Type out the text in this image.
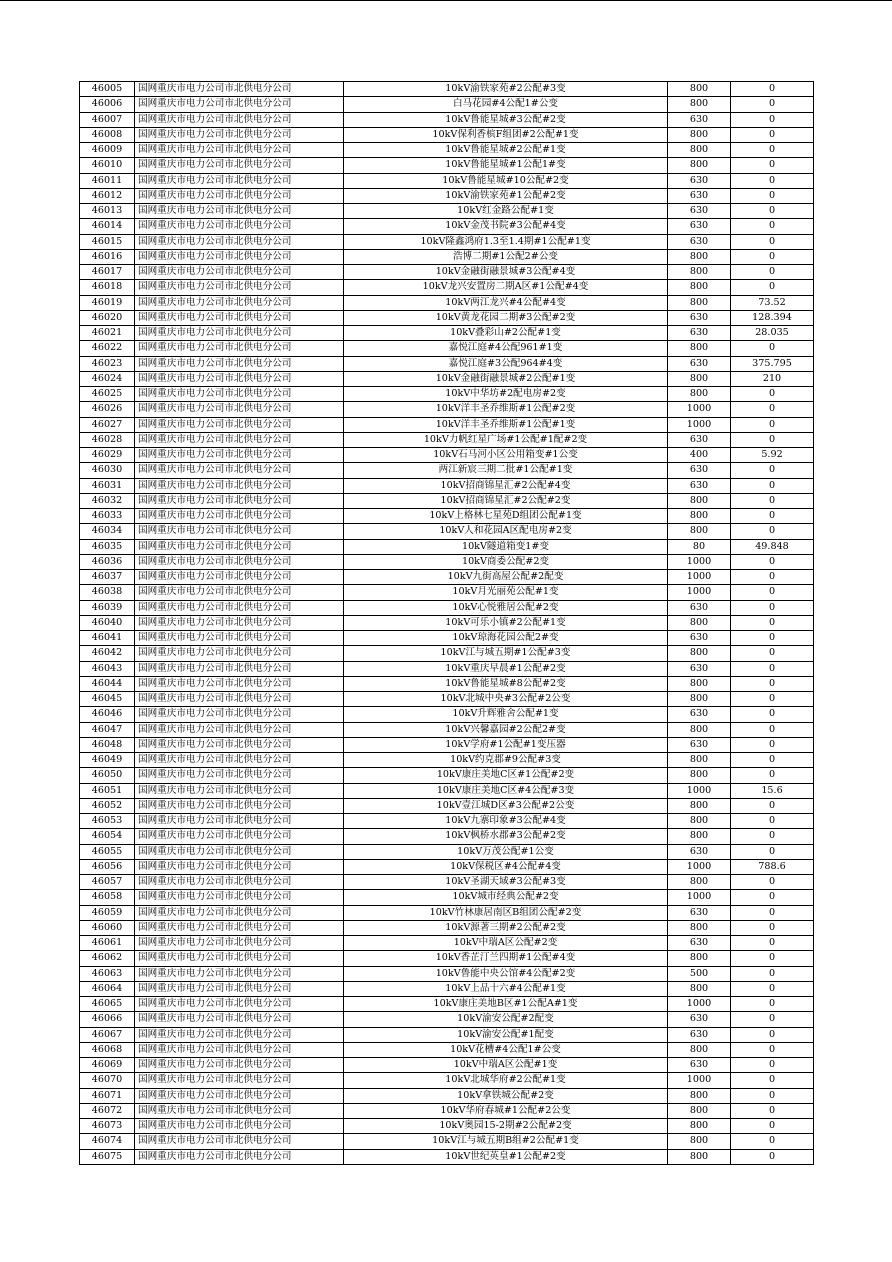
46005	国网重庆市电力公司市北供电分公司	10kV渝铁家苑#2公配#3变	800	0
46006	国网重庆市电力公司市北供电分公司	白马花园#4公配1#公变	800	0
46007	国网重庆市电力公司市北供电分公司	10kV鲁能星城#3公配#2变	630	0
46008	国网重庆市电力公司市北供电分公司	10kV保利香槟F组团#2公配#1变	800	0
46009	国网重庆市电力公司市北供电分公司	10kV鲁能星城#2公配#1变	800	0
46010	国网重庆市电力公司市北供电分公司	10kV鲁能星城#1公配1#变	800	0
46011	国网重庆市电力公司市北供电分公司	10kV鲁能星城#10公配#2变	630	0
46012	国网重庆市电力公司市北供电分公司	10kV渝铁家苑#1公配#2变	630	0
46013	国网重庆市电力公司市北供电分公司	10kV红金路公配#1变	630	0
46014	国网重庆市电力公司市北供电分公司	10kV金茂书院#3公配#4变	630	0
46015	国网重庆市电力公司市北供电分公司	10kV隆鑫鸿府1.3至1.4期#1公配#1变	630	0
46016	国网重庆市电力公司市北供电分公司	浩博二期#1公配2#公变	800	0
46017	国网重庆市电力公司市北供电分公司	10kV金融街融景城#3公配#4变	800	0
46018	国网重庆市电力公司市北供电分公司	10kV龙兴安置房二期A区#1公配#4变	800	0
46019	国网重庆市电力公司市北供电分公司	10kV两江龙兴#4公配#4变	800	73.52
46020	国网重庆市电力公司市北供电分公司	10kV黄龙花园二期#3公配#2变	630	128.394
46021	国网重庆市电力公司市北供电分公司	10kV叠彩山#2公配#1变	630	28.035
46022	国网重庆市电力公司市北供电分公司	嘉悦江庭#4公配961#1变	800	0
46023	国网重庆市电力公司市北供电分公司	嘉悦江庭#3公配964#4变	630	375.795
46024	国网重庆市电力公司市北供电分公司	10kV金融街融景城#2公配#1变	800	210
46025	国网重庆市电力公司市北供电分公司	10kV中华坊#2配电房#2变	800	0
46026	国网重庆市电力公司市北供电分公司	10kV洋丰圣乔维斯#1公配#2变	1000	0
46027	国网重庆市电力公司市北供电分公司	10kV洋丰圣乔维斯#1公配#1变	1000	0
46028	国网重庆市电力公司市北供电分公司	10kV力帆红星广场#1公配#1配#2变	630	0
46029	国网重庆市电力公司市北供电分公司	10kV石马河小区公用箱变#1公变	400	5.92
46030	国网重庆市电力公司市北供电分公司	两江新宸三期二批#1公配#1变	630	0
46031	国网重庆市电力公司市北供电分公司	10kV招商锦星汇#2公配#4变	630	0
46032	国网重庆市电力公司市北供电分公司	10kV招商锦星汇#2公配#2变	800	0
46033	国网重庆市电力公司市北供电分公司	10kV上格林七星苑D组团公配#1变	800	0
46034	国网重庆市电力公司市北供电分公司	10kV人和花园A区配电房#2变	800	0
46035	国网重庆市电力公司市北供电分公司	10kV隧道箱变1#变	80	49.848
46036	国网重庆市电力公司市北供电分公司	10kV商委公配#2变	1000	0
46037	国网重庆市电力公司市北供电分公司	10kV九街高屋公配#2配变	1000	0
46038	国网重庆市电力公司市北供电分公司	10kV月光丽苑公配#1变	1000	0
46039	国网重庆市电力公司市北供电分公司	10kV心悦雅居公配#2变	630	0
46040	国网重庆市电力公司市北供电分公司	10kV可乐小镇#2公配#1变	800	0
46041	国网重庆市电力公司市北供电分公司	10kV琼海花园公配2#变	630	0
46042	国网重庆市电力公司市北供电分公司	10kV江与城五期#1公配#3变	800	0
46043	国网重庆市电力公司市北供电分公司	10kV重庆早晨#1公配#2变	630	0
46044	国网重庆市电力公司市北供电分公司	10kV鲁能星城#8公配#2变	800	0
46045	国网重庆市电力公司市北供电分公司	10kV北城中央#3公配#2公变	800	0
46046	国网重庆市电力公司市北供电分公司	10kV升辉雅舍公配#1变	630	0
46047	国网重庆市电力公司市北供电分公司	10kV兴馨嘉园#2公配2#变	800	0
46048	国网重庆市电力公司市北供电分公司	10kV学府#1公配#1变压器	630	0
46049	国网重庆市电力公司市北供电分公司	10kV约克郡#9公配#3变	800	0
46050	国网重庆市电力公司市北供电分公司	10kV康庄美地C区#1公配#2变	800	0
46051	国网重庆市电力公司市北供电分公司	10kV康庄美地C区#4公配#3变	1000	15.6
46052	国网重庆市电力公司市北供电分公司	10kV壹江城D区#3公配#2公变	800	0
46053	国网重庆市电力公司市北供电分公司	10kV九寨印象#3公配#4变	800	0
46054	国网重庆市电力公司市北供电分公司	10kV枫桥水郡#3公配#2变	800	0
46055	国网重庆市电力公司市北供电分公司	10kV万茂公配#1公变	630	0
46056	国网重庆市电力公司市北供电分公司	10kV保税区#4公配#4变	1000	788.6
46057	国网重庆市电力公司市北供电分公司	10kV圣湖天域#3公配#3变	800	0
46058	国网重庆市电力公司市北供电分公司	10kV城市经典公配#2变	1000	0
46059	国网重庆市电力公司市北供电分公司	10kV竹林康居南区B组团公配#2变	630	0
46060	国网重庆市电力公司市北供电分公司	10kV源著三期#2公配#2变	800	0
46061	国网重庆市电力公司市北供电分公司	10kV中瑞A区公配#2变	630	0
46062	国网重庆市电力公司市北供电分公司	10kV香芷汀兰四期#1公配#4变	800	0
46063	国网重庆市电力公司市北供电分公司	10kV鲁能中央公馆#4公配#2变	500	0
46064	国网重庆市电力公司市北供电分公司	10kV上品十六#4公配#1变	800	0
46065	国网重庆市电力公司市北供电分公司	10kV康庄美地B区#1公配A#1变	1000	0
46066	国网重庆市电力公司市北供电分公司	10kV渝安公配#2配变	630	0
46067	国网重庆市电力公司市北供电分公司	10kV渝安公配#1配变	630	0
46068	国网重庆市电力公司市北供电分公司	10kV花槽#4公配1#公变	800	0
46069	国网重庆市电力公司市北供电分公司	10kV中瑞A区公配#1变	630	0
46070	国网重庆市电力公司市北供电分公司	10kV北城华府#2公配#1变	1000	0
46071	国网重庆市电力公司市北供电分公司	10kV拿铁城公配#2变	800	0
46072	国网重庆市电力公司市北供电分公司	10kV华府春城#1公配#2公变	800	0
46073	国网重庆市电力公司市北供电分公司	10kV奥园15-2期#2公配#2变	800	0
46074	国网重庆市电力公司市北供电分公司	10kV江与城五期B组#2公配#1变	800	0
46075	国网重庆市电力公司市北供电分公司	10kV世纪英皇#1公配#2变	800	0
